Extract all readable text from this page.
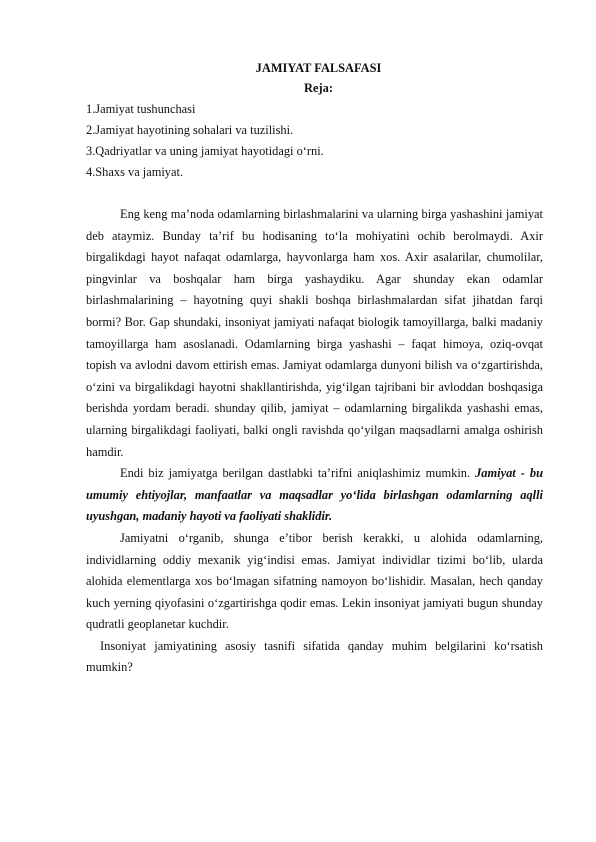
JAMIYAT FALSAFASI

Reja:

1.Jamiyat tushunchasi
2.Jamiyat hayotining sohalari va tuzilishi.
3.Qadriyatlar va uning jamiyat hayotidagi o‘rni.
4.Shaxs va jamiyat.

Eng keng ma’noda odamlarning birlashmalarini va ularning birga yashashini jamiyat deb ataymiz. Bunday ta’rif bu hodisaning to‘la mohiyatini ochib berolmaydi. Axir birgalikdagi hayot nafaqat odamlarga, hayvonlarga ham xos. Axir asalarilar, chumolilar, pingvinlar va boshqalar ham birga yashaydiku. Agar shunday ekan odamlar birlashmalarining – hayotning quyi shakli boshqa birlashmalardan sifat jihatdan farqi bormi? Bor. Gap shundaki, insoniyat jamiyati nafaqat biologik tamoyillarga, balki madaniy tamoyillarga ham asoslanadi. Odamlarning birga yashashi – faqat himoya, oziq-ovqat topish va avlodni davom ettirish emas. Jamiyat odamlarga dunyoni bilish va o‘zgartirishda, o‘zini va birgalikdagi hayotni shakllantirishda, yig‘ilgan tajribani bir avloddan boshqasiga berishda yordam beradi. shunday qilib, jamiyat – odamlarning birgalikda yashashi emas, ularning birgalikdagi faoliyati, balki ongli ravishda qo‘yilgan maqsadlarni amalga oshirish hamdir.

Endi biz jamiyatga berilgan dastlabki ta’rifni aniqlashimiz mumkin. Jamiyat - bu umumiy ehtiyojlar, manfaatlar va maqsadlar yo‘lida birlashgan odamlarning aqlli uyushgan, madaniy hayoti va faoliyati shaklidir.

Jamiyatni o‘rganib, shunga e’tibor berish kerakki, u alohida odamlarning, individlarning oddiy mexanik yig‘indisi emas. Jamiyat individlar tizimi bo‘lib, ularda alohida elementlarga xos bo‘lmagan sifatning namoyon bo‘lishidir. Masalan, hech qanday kuch yerning qiyofasini o‘zgartirishga qodir emas. Lekin insoniyat jamiyati bugun shunday qudratli geoplanetar kuchdir.

Insoniyat jamiyatining asosiy tasnifi sifatida qanday muhim belgilarini ko‘rsatish mumkin?
